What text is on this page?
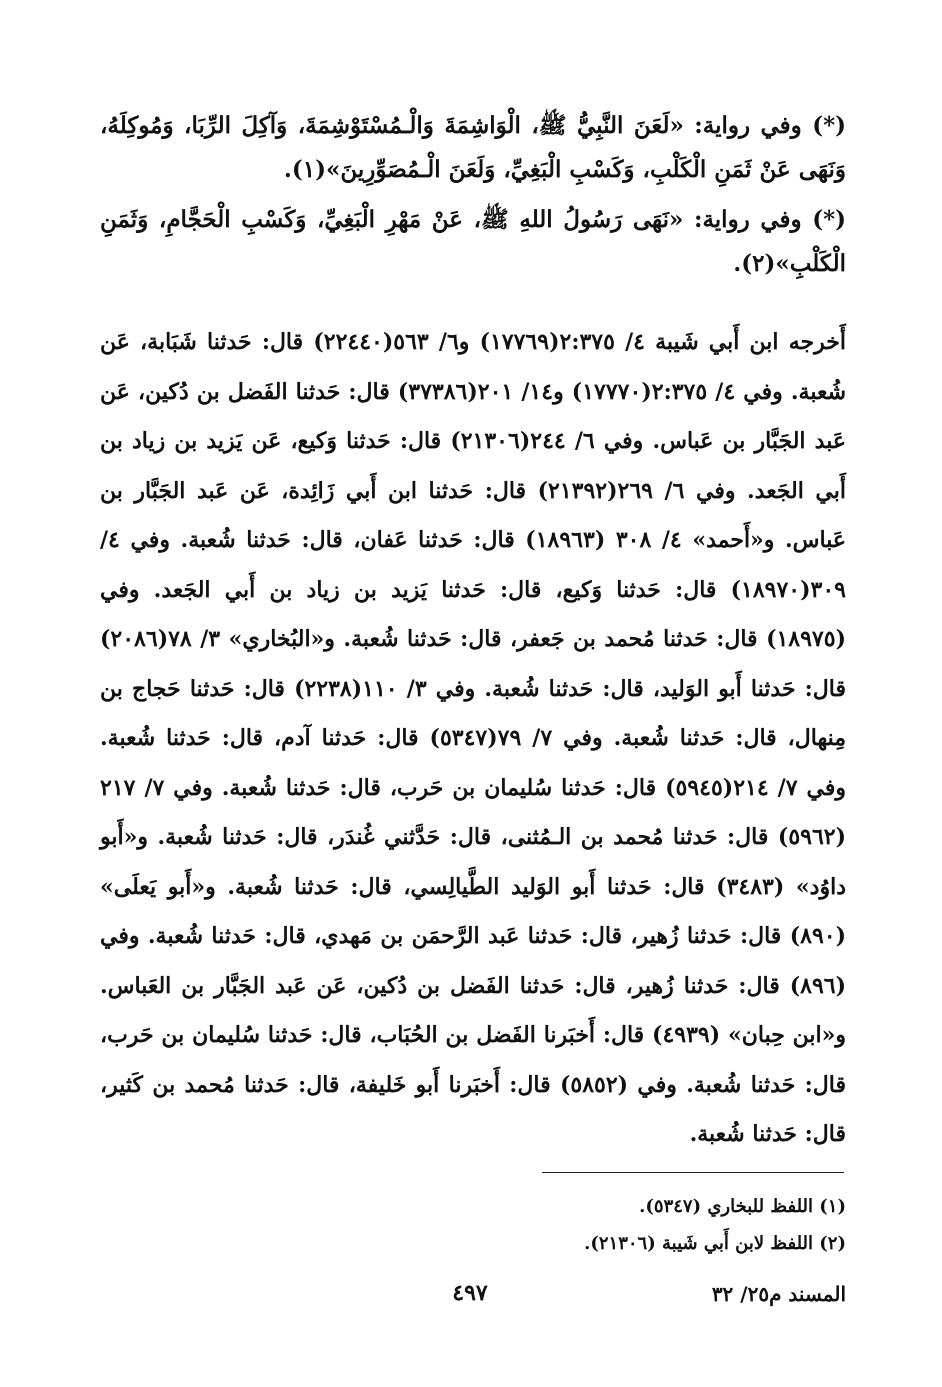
(*) وفي رواية: «لَعَنَ النَّبِيُّ ﷺ، الْوَاشِمَةَ وَالْـمُسْتَوْشِمَةَ، وَآكِلَ الرِّبَا، وَمُوكِلَهُ، وَنَهَى عَنْ ثَمَنِ الْكَلْبِ، وَكَسْبِ الْبَغِيِّ، وَلَعَنَ الْـمُصَوِّرِينَ»(١).

(*) وفي رواية: «نَهَى رَسُولُ اللهِ ﷺ، عَنْ مَهْرِ الْبَغِيِّ، وَكَسْبِ الْحَجَّامِ، وَثَمَنِ الْكَلْبِ»(٢).

أَخرجه ابن أَبي شَيبة ٤/ ٢:٣٧٥(١٧٧٦٩) و٦/ ٥٦٣(٢٢٤٤٠) قال: حَدثنا شَبَابة، عَن شُعبة. وفي ٤/ ٢:٣٧٥(١٧٧٧٠) و١٤/ ٢٠١(٣٧٣٨٦) قال: حَدثنا الفَضل بن دُكين، عَن عَبد الجَبَّار بن عَباس. وفي ٦/ ٢٤٤(٢١٣٠٦) قال: حَدثنا وَكيع، عَن يَزيد بن زياد بن أَبي الجَعد. وفي ٦/ ٢٦٩(٢١٣٩٢) قال: حَدثنا ابن أَبي زَائِدة، عَن عَبد الجَبَّار بن عَباس. و«أَحمد» ٤/ ٣٠٨ (١٨٩٦٣) قال: حَدثنا عَفان، قال: حَدثنا شُعبة. وفي ٤/ ٣٠٩(١٨٩٧٠) قال: حَدثنا وَكيع، قال: حَدثنا يَزيد بن زياد بن أَبي الجَعد. وفي (١٨٩٧٥) قال: حَدثنا مُحمد بن جَعفر، قال: حَدثنا شُعبة. و«البُخاري» ٣/ ٧٨(٢٠٨٦) قال: حَدثنا أَبو الوَليد، قال: حَدثنا شُعبة. وفي ٣/ ١١٠(٢٢٣٨) قال: حَدثنا حَجاج بن مِنهال، قال: حَدثنا شُعبة. وفي ٧/ ٧٩(٥٣٤٧) قال: حَدثنا آدم، قال: حَدثنا شُعبة. وفي ٧/ ٢١٤(٥٩٤٥) قال: حَدثنا سُليمان بن حَرب، قال: حَدثنا شُعبة. وفي ٧/ ٢١٧ (٥٩٦٢) قال: حَدثنا مُحمد بن الـمُثنى، قال: حَدَّثني غُندَر، قال: حَدثنا شُعبة. و«أَبو داوُد» (٣٤٨٣) قال: حَدثنا أَبو الوَليد الطَّيالِسي، قال: حَدثنا شُعبة. و«أَبو يَعلَى» (٨٩٠) قال: حَدثنا زُهير، قال: حَدثنا عَبد الرَّحمَن بن مَهدي، قال: حَدثنا شُعبة. وفي (٨٩٦) قال: حَدثنا زُهير، قال: حَدثنا الفَضل بن دُكين، عَن عَبد الجَبَّار بن العَباس. و«ابن حِبان» (٤٩٣٩) قال: أَخبَرنا الفَضل بن الحُبَاب، قال: حَدثنا سُليمان بن حَرب، قال: حَدثنا شُعبة. وفي (٥٨٥٢) قال: أَخبَرنا أَبو خَليفة، قال: حَدثنا مُحمد بن كَثير، قال: حَدثنا شُعبة.

(١) اللفظ للبخاري (٥٣٤٧).
(٢) اللفظ لابن أَبي شَيبة (٢١٣٠٦).
٤٩٧	المسند م٢٥/ ٣٢
